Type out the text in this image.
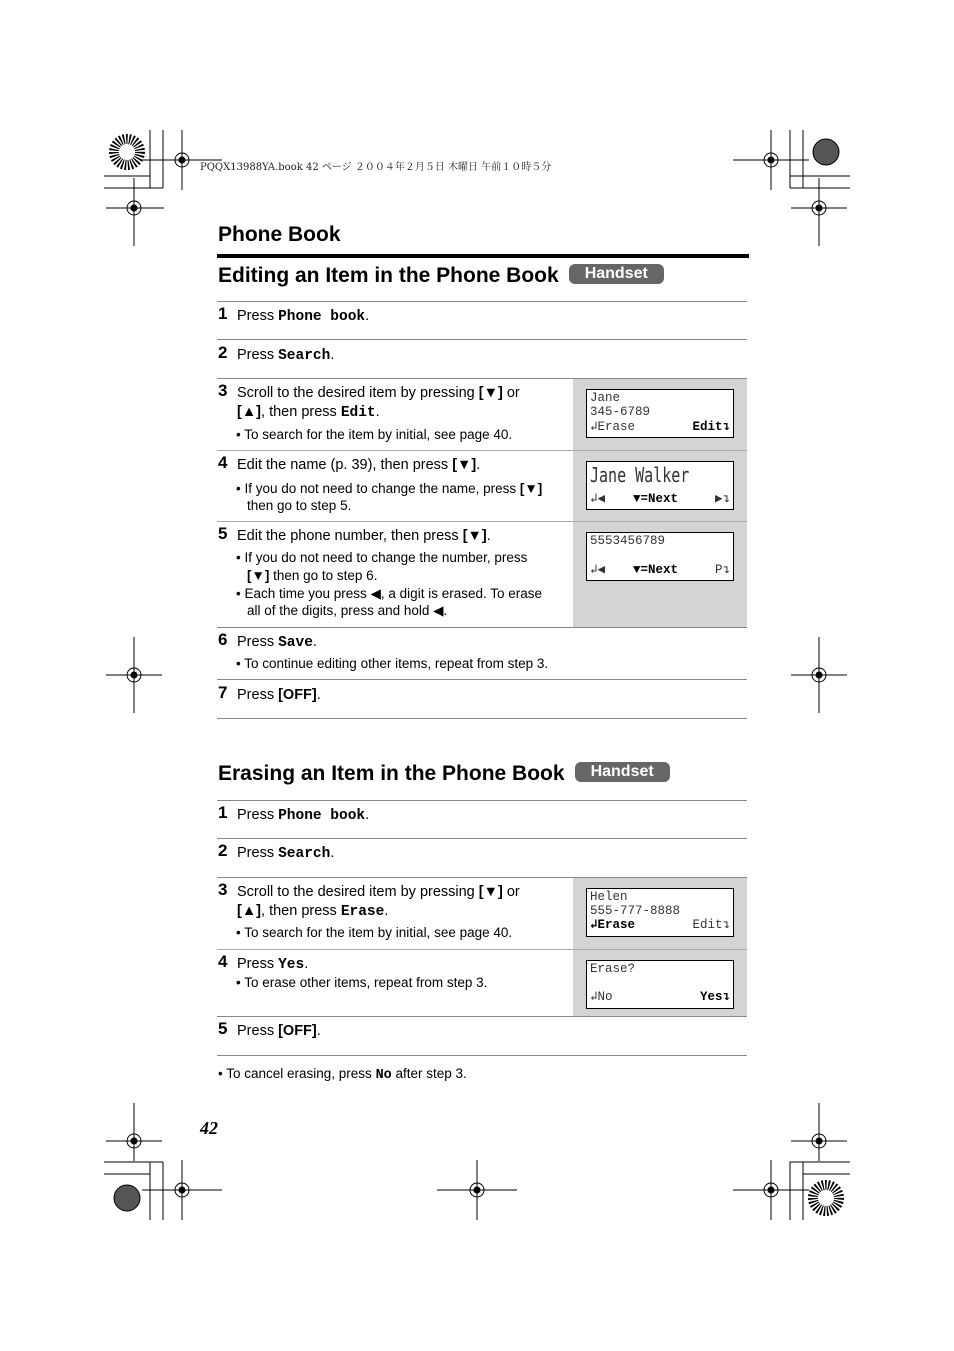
PQQX13988YA.book 42 ページ ２００４年２月５日 木曜日 午前１０時５分
Phone Book
Editing an Item in the Phone Book Handset
1 Press Phone book.
2 Press Search.
3 Scroll to the desired item by pressing [▼] or
[▲], then press Edit.
• To search for the item by initial, see page 40.
Jane
345-6789
↲Erase	Edit↴
4 Edit the name (p. 39), then press [▼].
• If you do not need to change the name, press [▼]
then go to step 5.
Jane Walker
↲◀ ▼=Next	▶↴
5 Edit the phone number, then press [▼].
• If you do not need to change the number, press
[▼] then go to step 6.
• Each time you press ◀, a digit is erased. To erase
all of the digits, press and hold ◀.
5553456789
↲◀ ▼=Next	P↴
6 Press Save.
• To continue editing other items, repeat from step 3.
7 Press [OFF].
Erasing an Item in the Phone Book Handset
1 Press Phone book.
2 Press Search.
3 Scroll to the desired item by pressing [▼] or
[▲], then press Erase.
• To search for the item by initial, see page 40.
Helen
555-777-8888
↲Erase	Edit↴
4 Press Yes.
• To erase other items, repeat from step 3.
Erase?
↲No	Yes↴
5 Press [OFF].
• To cancel erasing, press No after step 3.
42
